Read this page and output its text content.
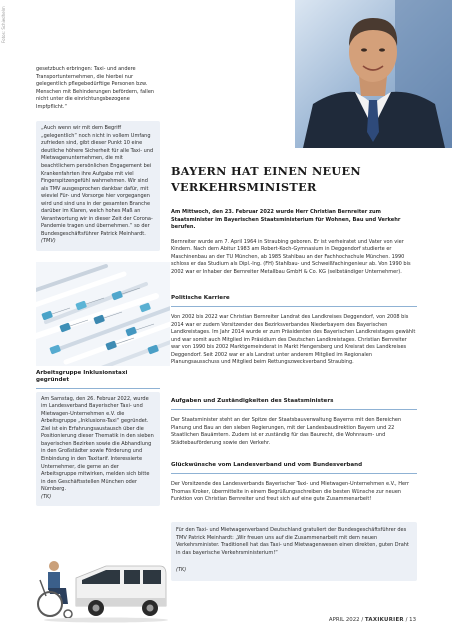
Fotos: Schiedhelm

gesetzbuch erbringen: Taxi- und andere Transportunternehmen, die hierbei nur gelegentlich pflegebedürftige Personen bzw. Menschen mit Behinderungen befördern, fallen nicht unter die einrichtungsbezogene Impfpflicht.“

„Auch wenn wir mit dem Begriff „gelegentlich“ noch nicht in vollem Umfang zufrieden sind, gibt dieser Punkt 10 eine deutliche höhere Sicherheit für alle Taxi- und Mietwagenunternehmen, die mit beachtlichem persönlichen Engagement bei Krankenfahrten ihre Aufgabe mit viel Fingerspitzengefühl wahrnehmen. Wir sind als TMV ausgesprochen dankbar dafür, mit wieviel Für- und Vorsorge hier vorgegangen wird und sind uns in der gesamten Branche darüber im Klaren, welch hohes Maß an Verantwortung wir in dieser Zeit der Corona-Pandemie tragen und übernehmen.“ so der Bundesgeschäftsführer Patrick Meinhardt. (TMV)

Arbeitsgruppe Inklusionstaxi gegründet

Am Samstag, den 26. Februar 2022, wurde im Landesverband Bayerischer Taxi- und Mietwagen-Unternehmen e.V. die Arbeitsgruppe „Inklusions-Taxi“ gegründet. Ziel ist ein Erfahrungsaustausch über die Positionierung dieser Thematik in den sieben bayerischen Bezirken sowie die Abhandlung in den Großstädter sowie Förderung und Einbindung in den Taxitarif. Interessierte Unternehmer, die gerne an der Arbeitsgruppe mitwirken, melden sich bitte in den Geschäftsstellen München oder Nürnberg.
(TK)

BAYERN HAT EINEN NEUEN VERKEHRSMINISTER

Am Mittwoch, den 23. Februar 2022 wurde Herr Christian Bernreiter zum Staatsminister im Bayerischen Staatsministerium für Wohnen, Bau und Verkehr berufen.

Bernreiter wurde am 7. April 1964 in Straubing geboren. Er ist verheiratet und Vater von vier Kindern. Nach dem Abitur 1983 am Robert-Koch-Gymnasium in Deggendorf studierte er Maschinenbau an der TU München, ab 1985 Stahlbau an der Fachhochschule München. 1990 schloss er das Studium als Dipl.-Ing. (FH) Stahlbau- und Schweißfachingenieur ab. Von 1990 bis 2002 war er Inhaber der Bernreiter Metallbau GmbH & Co. KG (selbständiger Unternehmer).

Politische Karriere

Von 2002 bis 2022 war Christian Bernreiter Landrat des Landkreises Deggendorf, von 2008 bis 2014 war er zudem Vorsitzender des Bezirksverbandes Niederbayern des Bayerischen Landkreistages. Im Jahr 2014 wurde er zum Präsidenten des Bayerischen Landkreistages gewählt und war somit auch Mitglied im Präsidium des Deutschen Landkreistages. Christian Bernreiter war von 1990 bis 2002 Marktgemeinderat in Markt Hengersberg und Kreisrat des Landkreises Deggendorf. Seit 2002 war er als Landrat unter anderem Mitglied im Regionalen Planungsausschuss und Mitglied beim Rettungszweckverband Straubing.

Aufgaben und Zuständigkeiten des Staatsministers

Der Staatsminister steht an der Spitze der Staatsbauverwaltung Bayerns mit den Bereichen Planung und Bau an den sieben Regierungen, mit der Landesbaudirektion Bayern und 22 Staatlichen Bauämtern. Zudem ist er zuständig für das Baurecht, die Wohnraum- und Städtebauförderung sowie den Verkehr.

Glückwünsche vom Landesverband und vom Bundesverband

Der Vorsitzende des Landesverbands Bayerischer Taxi- und Mietwagen-Unternehmen e.V., Herr Thomas Kroker, übermittelte in einem Begrüßungsschreiben die besten Wünsche zur neuen Funktion von Christian Bernreiter und freut sich auf eine gute Zusammenarbeit!

Für den Taxi- und Mietwagenverband Deutschland gratuliert der Bundesgeschäftsführer des TMV Patrick Meinhardt: „Wir freuen uns auf die Zusammenarbeit mit dem neuen Verkehrsminister. Traditionell hat das Taxi- und Mietwagenwesen einen direkten, guten Draht in das bayerische Verkehrsministerium!“

(TK)

APRIL 2022 / TAXIKURIER / 13
